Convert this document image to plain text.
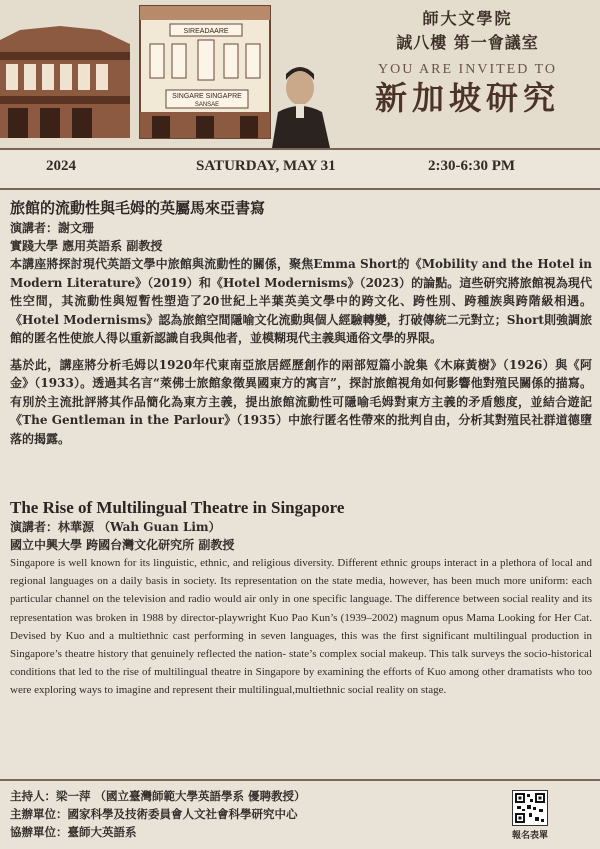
SIREADAARE
SINGARE SINGAPRE
SANSAE
師大文學院
誠八樓 第一會議室
YOU ARE INVITED TO
新加坡研究
2024	SATURDAY, MAY 31	2:30-6:30 PM
旅館的流動性與毛姆的英屬馬來亞書寫
演講者：謝文珊
實踐大學 應用英語系 副教授
本講座將探討現代英語文學中旅館與流動性的關係，聚焦Emma Short的《Mobility and the Hotel in Modern Literature》（2019）和《Hotel Modernisms》（2023）的論點。這些研究將旅館視為現代性空間，其流動性與短暫性塑造了20世紀上半葉英美文學中的跨文化、跨性別、跨種族與跨階級相遇。《Hotel Modernisms》認為旅館空間隱喻文化流動與個人經驗轉變，打破傳統二元對立；Short則強調旅館的匿名性使旅人得以重新認識自我與他者，並模糊現代主義與通俗文學的界限。
基於此，講座將分析毛姆以1920年代東南亞旅居經歷創作的兩部短篇小說集《木麻黃樹》（1926）與《阿金》（1933）。透過其名言“萊佛士旅館象徵異國東方的寓言”，探討旅館視角如何影響他對殖民關係的描寫。有別於主流批評將其作品簡化為東方主義，提出旅館流動性可隱喻毛姆對東方主義的矛盾態度，並結合遊記《The Gentleman in the Parlour》（1935）中旅行匿名性帶來的批判自由，分析其對殖民社群道德墮落的揭露。
The Rise of Multilingual Theatre in Singapore
演講者：林華源 （Wah Guan Lim）
國立中興大學 跨國台灣文化研究所 副教授
Singapore is well known for its linguistic, ethnic, and religious diversity. Different ethnic groups interact in a plethora of local and regional languages on a daily basis in society. Its representation on the state media, however, has been much more uniform: each particular channel on the television and radio would air only in one specific language. The difference between social reality and its representation was broken in 1988 by director-playwright Kuo Pao Kun’s (1939–2002) magnum opus Mama Looking for Her Cat. Devised by Kuo and a multiethnic cast performing in seven languages, this was the first significant multilingual production in Singapore’s theatre history that genuinely reflected the nation- state’s complex social makeup. This talk surveys the socio-historical conditions that led to the rise of multilingual theatre in Singapore by examining the efforts of Kuo among other dramatists who too were exploring ways to imagine and represent their multilingual,multiethnic social reality on stage.
主持人：梁一萍 （國立臺灣師範大學英語學系 優聘教授）
主辦單位：國家科學及技術委員會人文社會科學研究中心
協辦單位：臺師大英語系	報名表單
